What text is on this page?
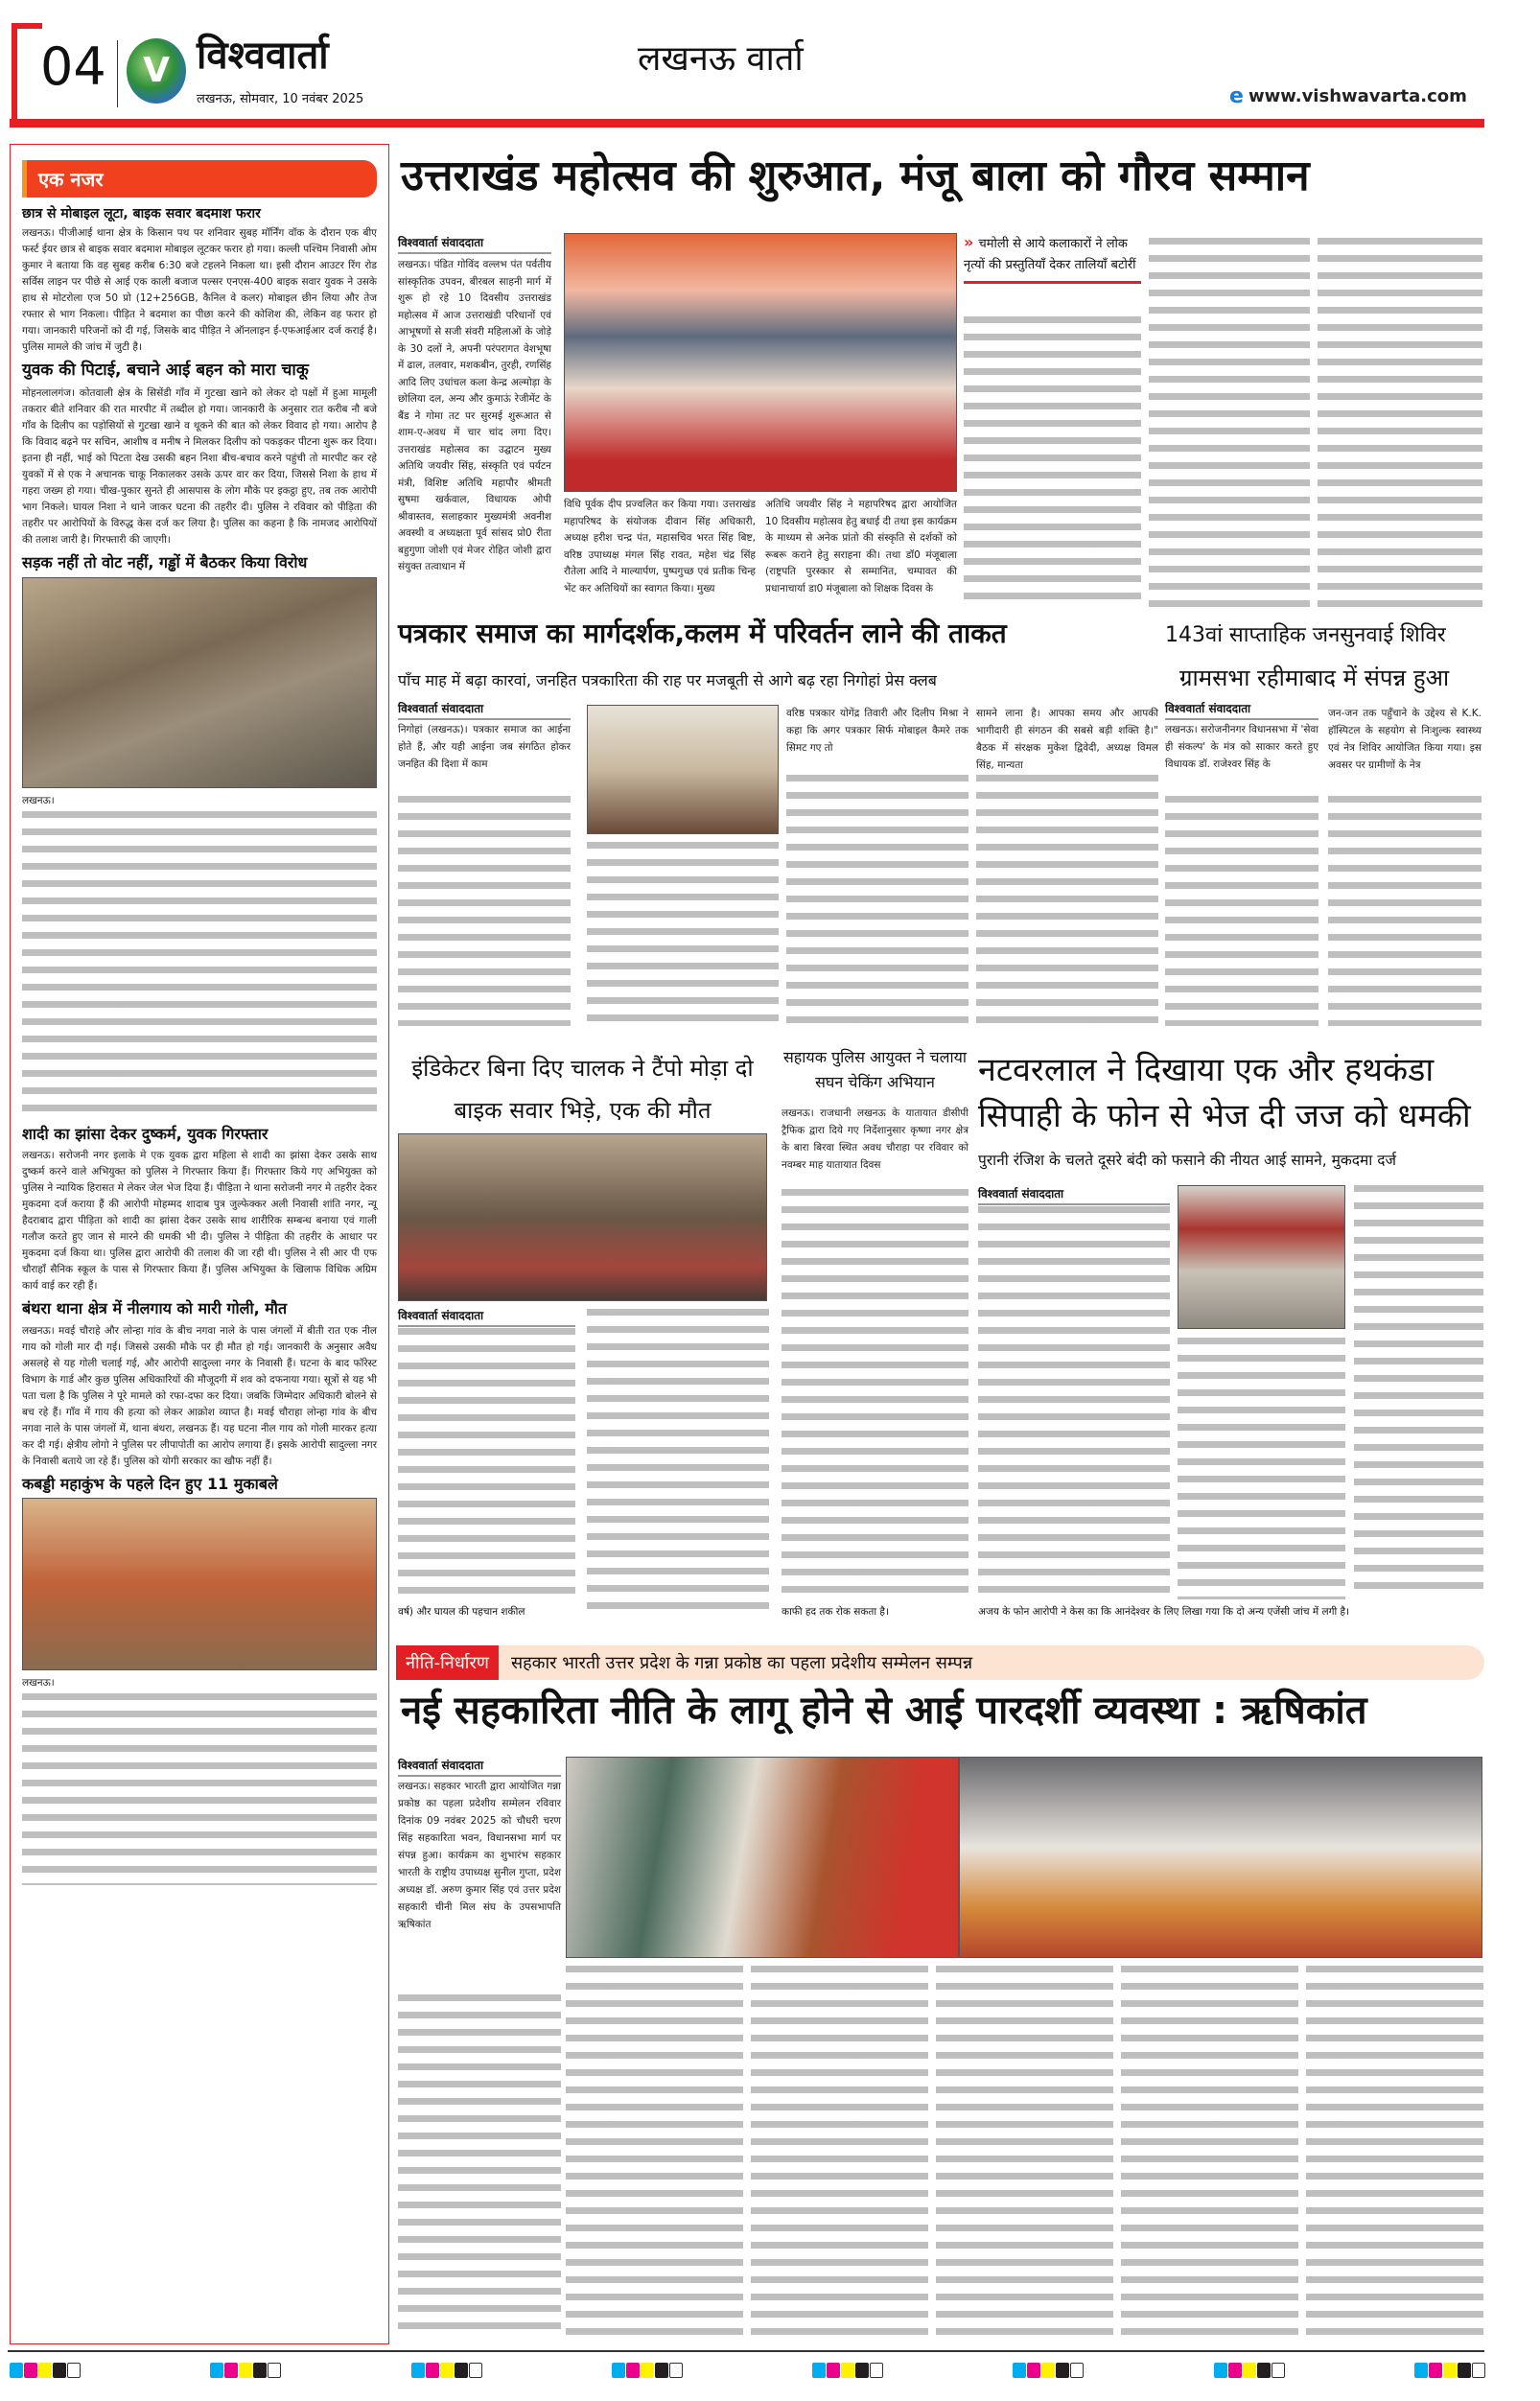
04	V विश्ववार्ता
लखनऊ, सोमवार, 10 नवंबर 2025
लखनऊ वार्ता
e www.vishwavarta.com
एक नजर
छात्र से मोबाइल लूटा, बाइक सवार बदमाश फरार
लखनऊ। पीजीआई थाना क्षेत्र के किसान पथ पर शनिवार सुबह मॉर्निंग वॉक के दौरान एक बीए फर्स्ट ईयर छात्र से बाइक सवार बदमाश मोबाइल लूटकर फरार हो गया। कल्ली पश्चिम निवासी ओम कुमार ने बताया कि वह सुबह करीब 6:30 बजे टहलने निकला था। इसी दौरान आउटर रिंग रोड सर्विस लाइन पर पीछे से आई एक काली बजाज पल्सर एनएस-400 बाइक सवार युवक ने उसके हाथ से मोटरोला एज 50 प्रो (12+256GB, कैनिल वे कलर) मोबाइल छीन लिया और तेज रफ्तार से भाग निकला। पीड़ित ने बदमाश का पीछा करने की कोशिश की, लेकिन वह फरार हो गया। जानकारी परिजनों को दी गई, जिसके बाद पीड़ित ने ऑनलाइन ई-एफआईआर दर्ज कराई है। पुलिस मामले की जांच में जुटी है।
युवक की पिटाई, बचाने आई बहन को मारा चाकू
मोहनलालगंज। कोतवाली क्षेत्र के सिसेंडी गाँव में गुटखा खाने को लेकर दो पक्षों में हुआ मामूली तकरार बीते शनिवार की रात मारपीट में तब्दील हो गया। जानकारी के अनुसार रात करीब नौ बजे गाँव के दिलीप का पड़ोसियों से गुटखा खाने व थूकने की बात को लेकर विवाद हो गया। आरोप है कि विवाद बढ़ने पर सचिन, आशीष व मनीष ने मिलकर दिलीप को पकड़कर पीटना शुरू कर दिया। इतना ही नहीं, भाई को पिटता देख उसकी बहन निशा बीच-बचाव करने पहुंची तो मारपीट कर रहे युवकों में से एक ने अचानक चाकू निकालकर उसके ऊपर वार कर दिया, जिससे निशा के हाथ में गहरा जख्म हो गया। चीख-पुकार सुनते ही आसपास के लोग मौके पर इकट्ठा हुए, तब तक आरोपी भाग निकले। घायल निशा ने थाने जाकर घटना की तहरीर दी। पुलिस ने रविवार को पीड़िता की तहरीर पर आरोपियों के विरुद्ध केस दर्ज कर लिया है। पुलिस का कहना है कि नामजद आरोपियों की तलाश जारी है। गिरफ्तारी की जाएगी।
सड़क नहीं तो वोट नहीं, गड्ढों में बैठकर किया विरोध
लखनऊ।
शादी का झांसा देकर दुष्कर्म, युवक गिरफ्तार
लखनऊ। सरोजनी नगर इलाके मे एक युवक द्वारा महिला से शादी का झांसा देकर उसके साथ दुष्कर्म करने वाले अभियुक्त को पुलिस ने गिरफ्तार किया हैं। गिरफ्तार किये गए अभियुक्त को पुलिस ने न्यायिक हिरासत मे लेकर जेल भेज दिया हैं। पीड़िता ने थाना सरोजनी नगर मे तहरीर देकर मुकदमा दर्ज कराया हैं की आरोपी मोहम्मद शादाब पुत्र जुल्फेक्कर अली निवासी शांति नगर, न्यू हैदराबाद द्वारा पीड़िता को शादी का झांसा देकर उसके साथ शारीरिक सम्बन्ध बनाया एवं गाली गलौज करते हुए जान से मारने की धमकी भी दी। पुलिस ने पीड़िता की तहरीर के आधार पर मुकदमा दर्ज किया था। पुलिस द्वारा आरोपी की तलाश की जा रही थी। पुलिस ने सी आर पी एफ चौराहाँ सैनिक स्कूल के पास से गिरफ्तार किया हैं। पुलिस अभियुक्त के खिलाफ विधिक अग्रिम कार्य वाई कर रही हैं।
बंथरा थाना क्षेत्र में नीलगाय को मारी गोली, मौत
लखनऊ। मवई चौराहे और लोन्हा गांव के बीच नगवा नाले के पास जंगलों में बीती रात एक नील गाय को गोली मार दी गई। जिससे उसकी मौके पर ही मौत हो गई। जानकारी के अनुसार अवैध असलहे से यह गोली चलाई गई, और आरोपी सादुल्ला नगर के निवासी हैं। घटना के बाद फॉरेस्ट विभाग के गार्ड और कुछ पुलिस अधिकारियों की मौजूदगी में शव को दफनाया गया। सूत्रों से यह भी पता चला है कि पुलिस ने पूरे मामले को रफा-दफा कर दिया। जबकि जिम्मेदार अधिकारी बोलने से बच रहे हैं। गाँव में गाय की हत्या को लेकर आक्रोश व्याप्त है। मवई चौराहा लोन्हा गांव के बीच नगवा नाले के पास जंगलों में, थाना बंथरा, लखनऊ हैं। यह घटना नील गाय को गोली मारकर हत्या कर दी गई। क्षेत्रीय लोगो ने पुलिस पर लीपापोती का आरोप लगाया हैं। इसके आरोपी सादुल्ला नगर के निवासी बताये जा रहे हैं। पुलिस को योगी सरकार का खौफ नहीं हैं।
कबड्डी महाकुंभ के पहले दिन हुए 11 मुकाबले
लखनऊ।
उत्तराखंड महोत्सव की शुरुआत, मंजू बाला को गौरव सम्मान
विश्ववार्ता संवाददाता
लखनऊ। पंडित गोविंद वल्लभ पंत पर्वतीय सांस्कृतिक उपवन, बीरबल साहनी मार्ग में शुरू हो रहे 10 दिवसीय उत्तराखंड महोत्सव में आज उत्तराखंडी परिधानों एवं आभूषणों से सजी संवरी महिलाओं के जोड़े के 30 दलों ने, अपनी परंपरागत वेशभूषा में ढाल, तलवार, मशकबीन, तुरही, रणसिंह आदि लिए उधांचल कला केन्द्र अल्मोड़ा के छोलिया दल, अन्य और कुमाऊं रेजीमेंट के बैंड ने गोमा तट पर सुरमई शुरूआत से शाम-ए-अवध में चार चांद लगा दिए। उत्तराखंड महोत्सव का उद्घाटन मुख्य अतिथि जयवीर सिंह, संस्कृति एवं पर्यटन मंत्री, विशिष्ट अतिथि महापौर श्रीमती सुषमा खर्कवाल, विधायक ओपी श्रीवास्तव, सलाहकार मुख्यमंत्री अवनीश अवस्थी व अध्यक्षता पूर्व सांसद प्रो0 रीता बहुगुणा जोशी एवं मेजर रोहित जोशी द्वारा संयुक्त तत्वाधान में
विधि पूर्वक दीप प्रज्वलित कर किया गया। उत्तराखंड महापरिषद के संयोजक दीवान सिंह अधिकारी, अध्यक्ष हरीश चन्द्र पंत, महासचिव भरत सिंह बिष्ट, वरिष्ठ उपाध्यक्ष मंगल सिंह रावत, महेश चंद्र सिंह रौतेला आदि ने माल्यार्पण, पुष्पगुच्छ एवं प्रतीक चिन्ह भेंट कर अतिथियों का स्वागत किया। मुख्य
अतिथि जयवीर सिंह ने महापरिषद द्वारा आयोजित 10 दिवसीय महोत्सव हेतु बधाई दी तथा इस कार्यक्रम के माध्यम से अनेक प्रांतो की संस्कृति से दर्शकों को रूबरू कराने हेतु सराहना की। तथा डॉ0 मंजूबाला (राष्ट्रपति पुरस्कार से सम्मानित, चम्पावत की प्रधानाचार्या डा0 मंजूबाला को शिक्षक दिवस के
» चमोली से आये कलाकारों ने लोक नृत्यों की प्रस्तुतियाँ देकर तालियाँ बटोरीं
पत्रकार समाज का मार्गदर्शक,कलम में परिवर्तन लाने की ताकत
पाँच माह में बढ़ा कारवां, जनहित पत्रकारिता की राह पर मजबूती से आगे बढ़ रहा निगोहां प्रेस क्लब
विश्ववार्ता संवाददाता
निगोहां (लखनऊ)। पत्रकार समाज का आईना होते हैं, और यही आईना जब संगठित होकर जनहित की दिशा में काम
वरिष्ठ पत्रकार योगेंद्र तिवारी और दिलीप मिश्रा ने कहा कि अगर पत्रकार सिर्फ मोबाइल कैमरे तक सिमट गए तो
सामने लाना है। आपका समय और आपकी भागीदारी ही संगठन की सबसे बड़ी शक्ति है।" बैठक में संरक्षक मुकेश द्विवेदी, अध्यक्ष विमल सिंह, मान्यता
143वां साप्ताहिक जनसुनवाई शिविर
ग्रामसभा रहीमाबाद में संपन्न हुआ
विश्ववार्ता संवाददाता
लखनऊ। सरोजनीनगर विधानसभा में 'सेवा ही संकल्प' के मंत्र को साकार करते हुए विधायक डॉ. राजेश्वर सिंह के
जन-जन तक पहुँचाने के उद्देश्य से K.K. हॉस्पिटल के सहयोग से निःशुल्क स्वास्थ्य एवं नेत्र शिविर आयोजित किया गया। इस अवसर पर ग्रामीणों के नेत्र
इंडिकेटर बिना दिए चालक ने टैंपो मोड़ा दो बाइक सवार भिड़े, एक की मौत
विश्ववार्ता संवाददाता
वर्ष) और घायल की पहचान शकील
सहायक पुलिस आयुक्त ने चलाया सघन चेकिंग अभियान
लखनऊ। राजधानी लखनऊ के यातायात डीसीपी ट्रैफिक द्वारा दिये गए निर्देशानुसार कृष्णा नगर क्षेत्र के बारा बिरवा स्थित अवध चौराहा पर रविवार को नवम्बर माह यातायात दिवस
काफी हद तक रोक सकता है।
नटवरलाल ने दिखाया एक और हथकंडा सिपाही के फोन से भेज दी जज को धमकी
पुरानी रंजिश के चलते दूसरे बंदी को फसाने की नीयत आई सामने, मुकदमा दर्ज
विश्ववार्ता संवाददाता
अजय के फोन आरोपी ने केस का कि आनंदेश्वर के लिए लिखा गया कि दो अन्य एजेंसी जांच में लगी है।
नीति-निर्धारण सहकार भारती उत्तर प्रदेश के गन्ना प्रकोष्ठ का पहला प्रदेशीय सम्मेलन सम्पन्न
नई सहकारिता नीति के लागू होने से आई पारदर्शी व्यवस्था : ऋषिकांत
विश्ववार्ता संवाददाता
लखनऊ। सहकार भारती द्वारा आयोजित गन्ना प्रकोष्ठ का पहला प्रदेशीय सम्मेलन रविवार दिनांक 09 नवंबर 2025 को चौधरी चरण सिंह सहकारिता भवन, विधानसभा मार्ग पर संपन्न हुआ। कार्यक्रम का शुभारंभ सहकार भारती के राष्ट्रीय उपाध्यक्ष सुनील गुप्ता, प्रदेश अध्यक्ष डॉ. अरुण कुमार सिंह एवं उत्तर प्रदेश सहकारी चीनी मिल संघ के उपसभापति ऋषिकांत
